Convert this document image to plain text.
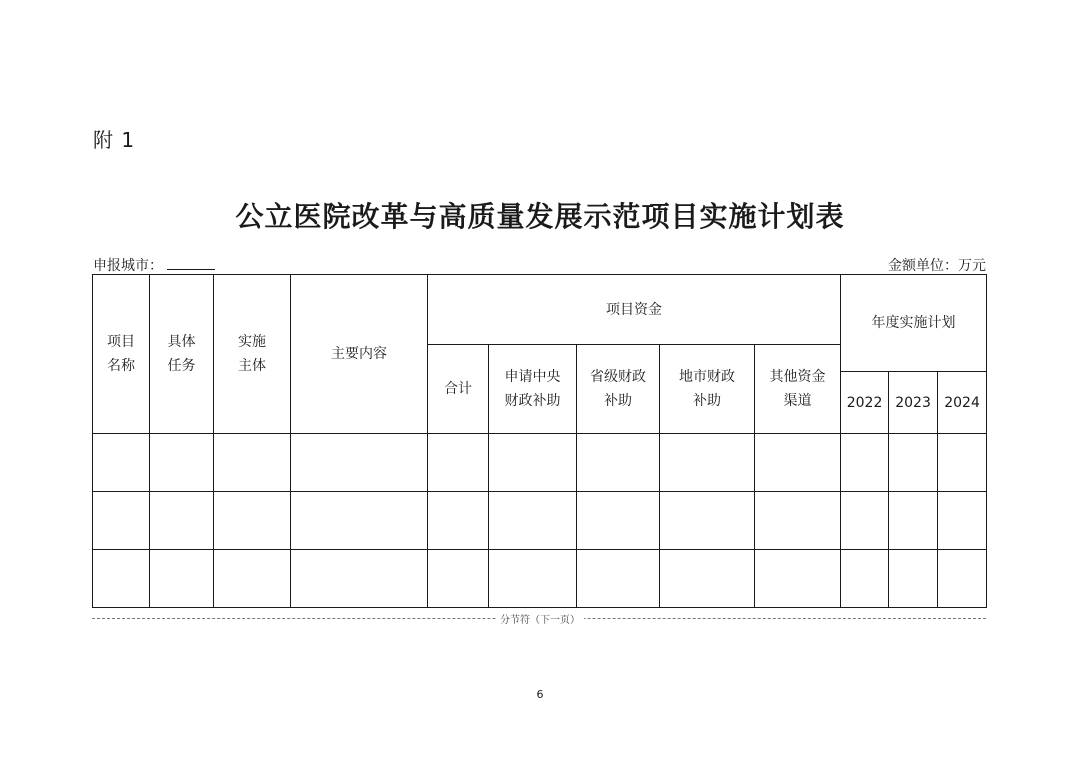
附 1
公立医院改革与高质量发展示范项目实施计划表
申报城市：	金额单位：万元
项目名称	具体任务	实施主体	主要内容	项目资金					年度实施计划		
				合计	申请中央财政补助	省级财政补助	地市财政补助	其他资金渠道			

									2022	2023	2024

分节符（下一页）
6
